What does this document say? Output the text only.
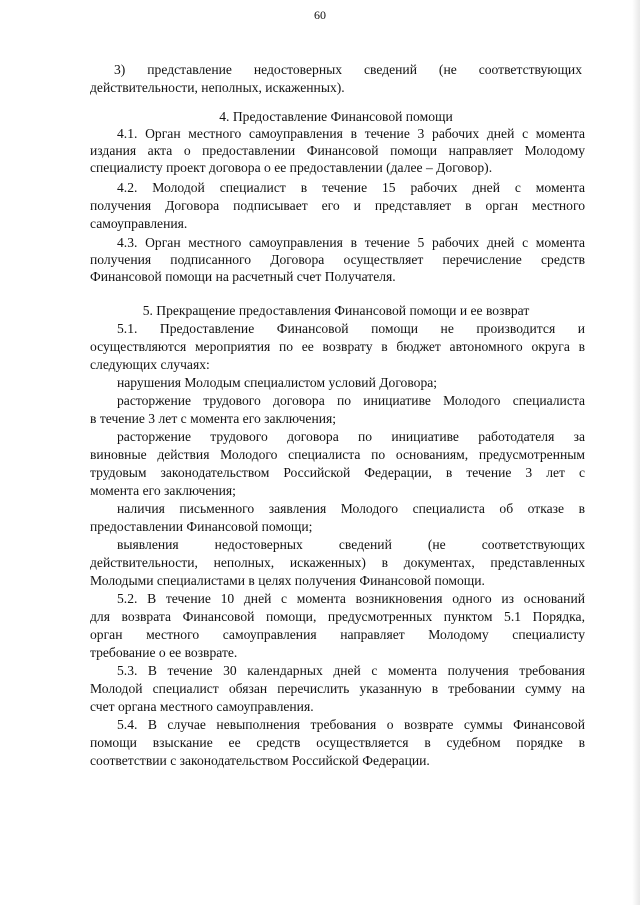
60

3) представление недостоверных сведений (не соответствующих

действительности, неполных, искаженных).

4. Предоставление Финансовой помощи

4.1. Орган местного самоуправления в течение 3 рабочих дней с момента

издания акта о предоставлении Финансовой помощи направляет Молодому

специалисту проект договора о ее предоставлении (далее – Договор).

4.2. Молодой специалист в течение 15 рабочих дней с момента

получения Договора подписывает его и представляет в орган местного

самоуправления.

4.3. Орган местного самоуправления в течение 5 рабочих дней с момента

получения подписанного Договора осуществляет перечисление средств

Финансовой помощи на расчетный счет Получателя.

5. Прекращение предоставления Финансовой помощи и ее возврат

5.1. Предоставление Финансовой помощи не производится и

осуществляются мероприятия по ее возврату в бюджет автономного округа в

следующих случаях:

нарушения Молодым специалистом условий Договора;

расторжение трудового договора по инициативе Молодого специалиста

в течение 3 лет с момента его заключения;

расторжение трудового договора по инициативе работодателя за

виновные действия Молодого специалиста по основаниям, предусмотренным

трудовым законодательством Российской Федерации, в течение 3 лет с

момента его заключения;

наличия письменного заявления Молодого специалиста об отказе в

предоставлении Финансовой помощи;

выявления недостоверных сведений (не соответствующих

действительности, неполных, искаженных) в документах, представленных

Молодыми специалистами в целях получения Финансовой помощи.

5.2. В течение 10 дней с момента возникновения одного из оснований

для возврата Финансовой помощи, предусмотренных пунктом 5.1 Порядка,

орган местного самоуправления направляет Молодому специалисту

требование о ее возврате.

5.3. В течение 30 календарных дней с момента получения требования

Молодой специалист обязан перечислить указанную в требовании сумму на

счет органа местного самоуправления.

5.4. В случае невыполнения требования о возврате суммы Финансовой

помощи взыскание ее средств осуществляется в судебном порядке в

соответствии с законодательством Российской Федерации.
